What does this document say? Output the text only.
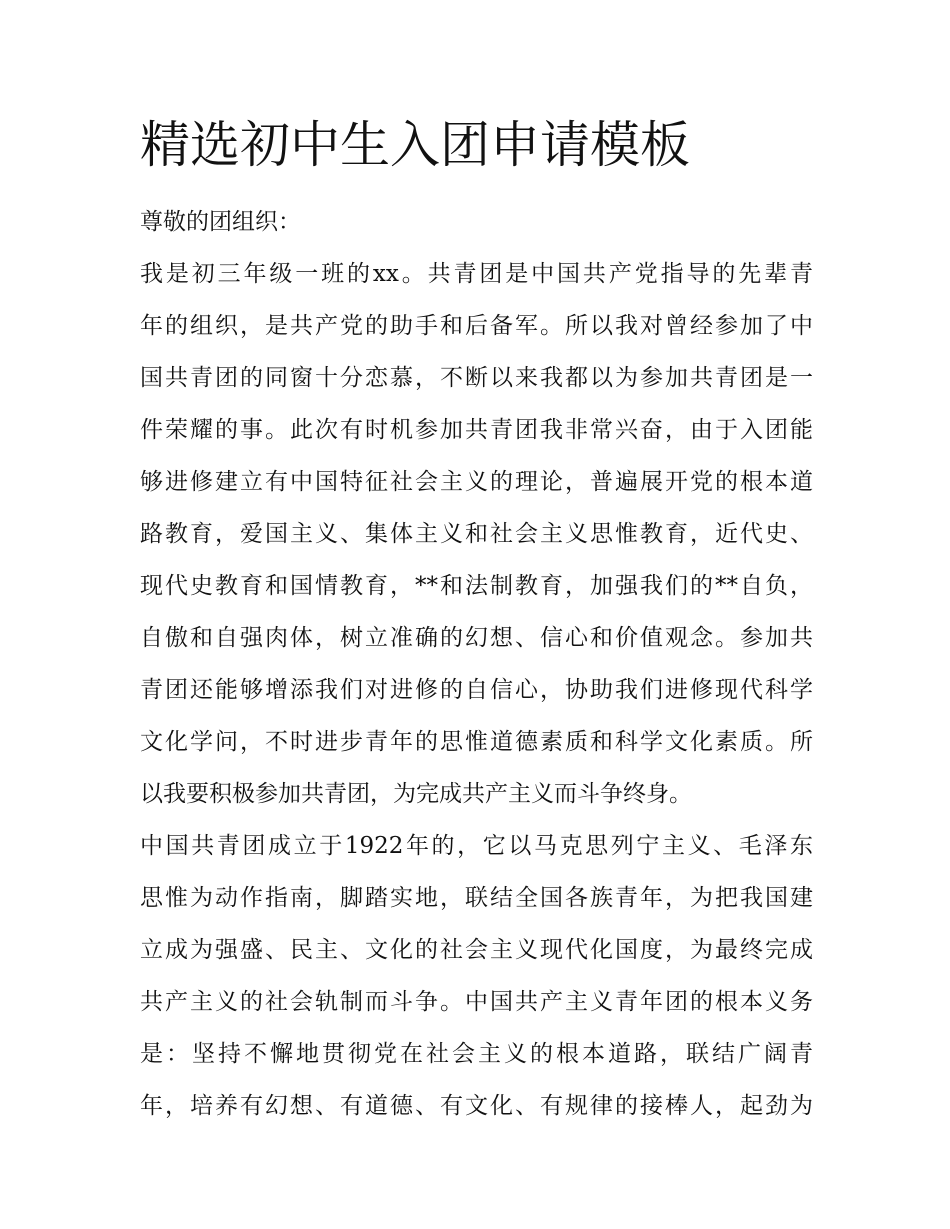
精选初中生入团申请模板
尊敬的团组织：
我是初三年级一班的xx。共青团是中国共产党指导的先辈青
年的组织，是共产党的助手和后备军。所以我对曾经参加了中
国共青团的同窗十分恋慕，不断以来我都以为参加共青团是一
件荣耀的事。此次有时机参加共青团我非常兴奋，由于入团能
够进修建立有中国特征社会主义的理论，普遍展开党的根本道
路教育，爱国主义、集体主义和社会主义思惟教育，近代史、
现代史教育和国情教育，**和法制教育，加强我们的**自负，
自傲和自强肉体，树立准确的幻想、信心和价值观念。参加共
青团还能够增添我们对进修的自信心，协助我们进修现代科学
文化学问，不时进步青年的思惟道德素质和科学文化素质。所
以我要积极参加共青团，为完成共产主义而斗争终身。
中国共青团成立于1922年的，它以马克思列宁主义、毛泽东
思惟为动作指南，脚踏实地，联结全国各族青年，为把我国建
立成为强盛、民主、文化的社会主义现代化国度，为最终完成
共产主义的社会轨制而斗争。中国共产主义青年团的根本义务
是：坚持不懈地贯彻党在社会主义的根本道路，联结广阔青
年，培养有幻想、有道德、有文化、有规律的接棒人，起劲为
